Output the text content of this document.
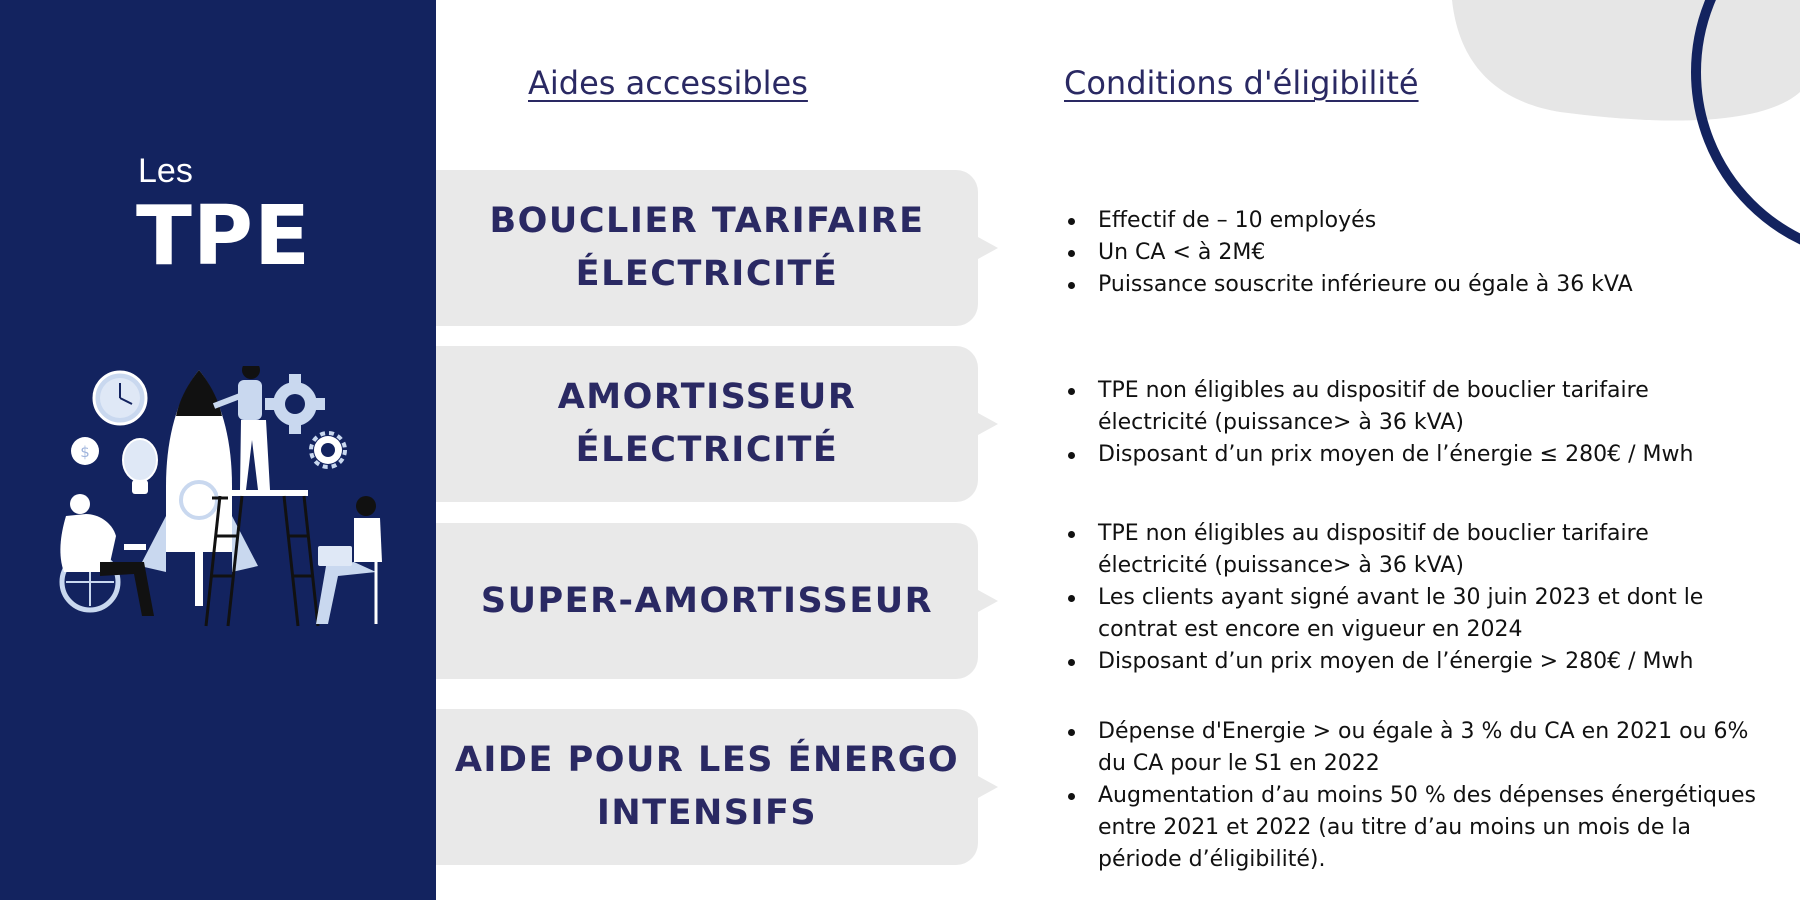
Les
TPE
$
Aides accessibles	Conditions d'éligibilité
BOUCLIER TARIFAIRE ÉLECTRICITÉ
AMORTISSEUR ÉLECTRICITÉ
SUPER-AMORTISSEUR
AIDE POUR LES ÉNERGO INTENSIFS
Effectif de – 10 employés
Un CA < à 2M€
Puissance souscrite inférieure ou égale à 36 kVA
TPE non éligibles au dispositif de bouclier tarifaire électricité (puissance> à 36 kVA)
Disposant d’un prix moyen de l’énergie ≤ 280€ / Mwh
TPE non éligibles au dispositif de bouclier tarifaire électricité (puissance> à 36 kVA)
Les clients ayant signé avant le 30 juin 2023 et dont le contrat est encore en vigueur en 2024
Disposant d’un prix moyen de l’énergie > 280€ / Mwh
Dépense d'Energie > ou égale à 3 % du CA en 2021 ou 6% du CA pour le S1 en 2022
Augmentation d’au moins 50 % des dépenses énergétiques entre 2021 et 2022 (au titre d’au moins un mois de la période d’éligibilité).
